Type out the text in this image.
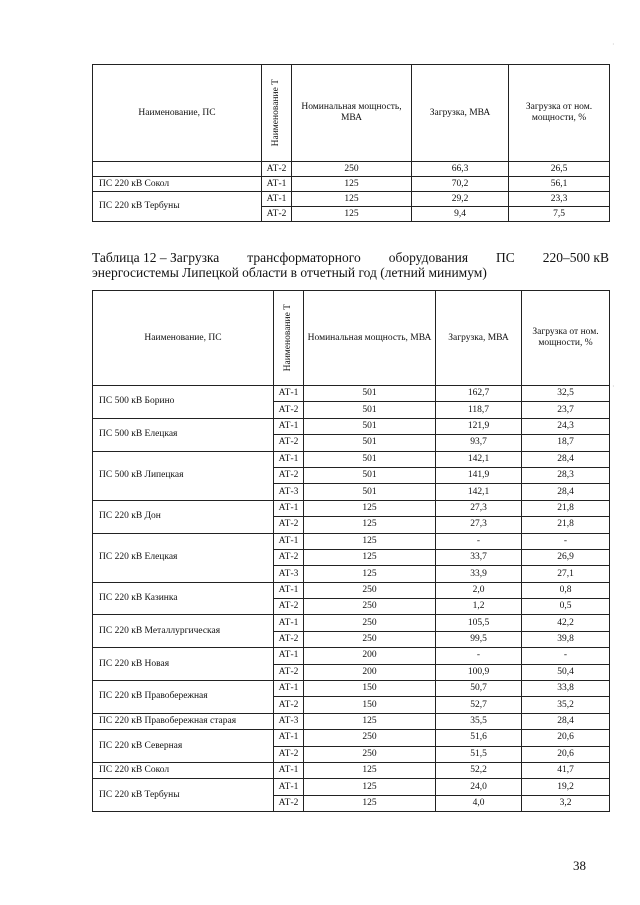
Наименование, ПС	Наименование Т	Номинальная мощность, МВА	Загрузка, МВА	Загрузка от ном. мощности, %
	АТ-2	250	66,3	26,5
ПС 220 кВ Сокол	АТ-1	125	70,2	56,1
ПС 220 кВ Тербуны	АТ-1	125	29,2	23,3
	АТ-2	125	9,4	7,5
Таблица 12 – Загрузка трансформаторного оборудования ПС 220–500 кВ
энергосистемы Липецкой области в отчетный год (летний минимум)
Наименование, ПС	Наименование Т	Номинальная мощность, МВА	Загрузка, МВА	Загрузка от ном. мощности, %
ПС 500 кВ Борино	АТ-1	501	162,7	32,5
	АТ-2	501	118,7	23,7
ПС 500 кВ Елецкая	АТ-1	501	121,9	24,3
	АТ-2	501	93,7	18,7
ПС 500 кВ Липецкая	АТ-1	501	142,1	28,4
	АТ-2	501	141,9	28,3
	АТ-3	501	142,1	28,4
ПС 220 кВ Дон	АТ-1	125	27,3	21,8
	АТ-2	125	27,3	21,8
ПС 220 кВ Елецкая	АТ-1	125	-	-
	АТ-2	125	33,7	26,9
	АТ-3	125	33,9	27,1
ПС 220 кВ Казинка	АТ-1	250	2,0	0,8
	АТ-2	250	1,2	0,5
ПС 220 кВ Металлургическая	АТ-1	250	105,5	42,2
	АТ-2	250	99,5	39,8
ПС 220 кВ Новая	АТ-1	200	-	-
	АТ-2	200	100,9	50,4
ПС 220 кВ Правобережная	АТ-1	150	50,7	33,8
	АТ-2	150	52,7	35,2
ПС 220 кВ Правобережная старая	АТ-3	125	35,5	28,4
ПС 220 кВ Северная	АТ-1	250	51,6	20,6
	АТ-2	250	51,5	20,6
ПС 220 кВ Сокол	АТ-1	125	52,2	41,7
ПС 220 кВ Тербуны	АТ-1	125	24,0	19,2
	АТ-2	125	4,0	3,2
38
·
·
